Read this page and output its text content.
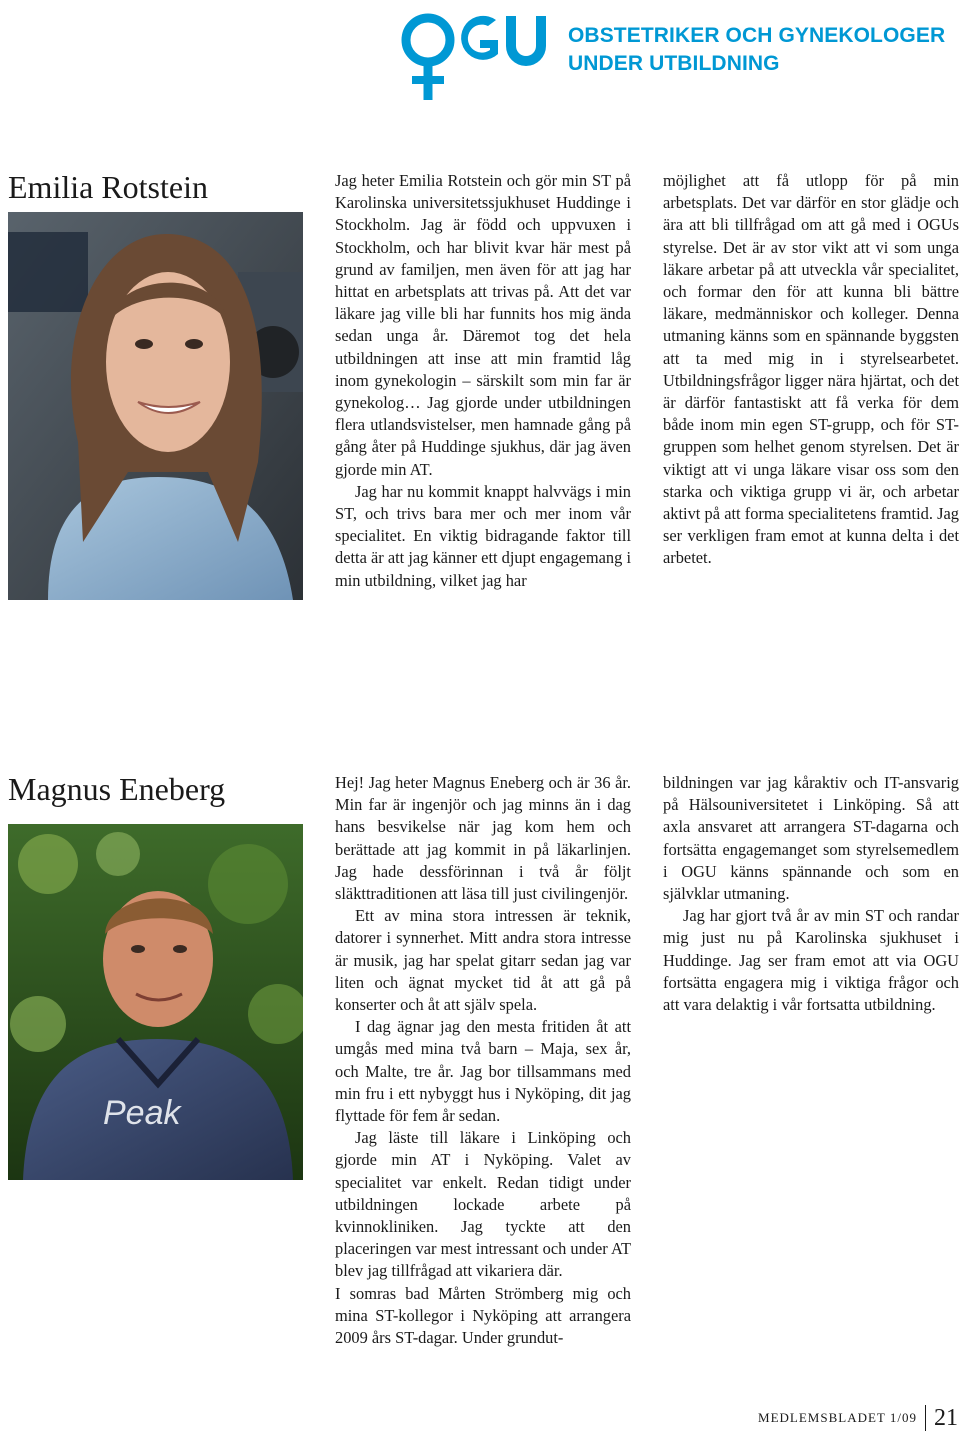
OBSTETRIKER OCH GYNEKOLOGER
UNDER UTBILDNING
Emilia Rotstein	Jag heter Emilia Rotstein och gör min ST på Karolinska universitetssjukhuset Huddinge i Stockholm. Jag är född och uppvuxen i Stockholm, och har blivit kvar här mest på grund av familjen, men även för att jag har hittat en arbetsplats att trivas på. Att det var läkare jag ville bli har funnits hos mig ända sedan unga år. Däremot tog det hela utbildningen att inse att min framtid låg inom gynekologin – särskilt som min far är gynekolog… Jag gjorde under utbildningen flera utlandsvistelser, men hamnade gång på gång åter på Huddinge sjukhus, där jag även gjorde min AT.

Jag har nu kommit knappt halvvägs i min ST, och trivs bara mer och mer inom vår specialitet. En viktig bidragande faktor till detta är att jag känner ett djupt engagemang i min utbildning, vilket jag har

möjlighet att få utlopp för på min arbetsplats. Det var därför en stor glädje och ära att bli tillfrågad om att gå med i OGUs styrelse. Det är av stor vikt att vi som unga läkare arbetar på att utveckla vår specialitet, och formar den för att kunna bli bättre läkare, medmänniskor och kolleger. Denna utmaning känns som en spännande byggsten att ta med mig in i styrelsearbetet. Utbildningsfrågor ligger nära hjärtat, och det är därför fantastiskt att få verka för dem både inom min egen ST-grupp, och för ST-gruppen som helhet genom styrelsen. Det är viktigt att vi unga läkare visar oss som den starka och viktiga grupp vi är, och arbetar aktivt på att forma specialitetens framtid. Jag ser verkligen fram emot at kunna delta i det arbetet.

Magnus Eneberg
Peak

Hej! Jag heter Magnus Eneberg och är 36 år. Min far är ingenjör och jag minns än i dag hans besvikelse när jag kom hem och berättade att jag kommit in på läkarlinjen. Jag hade dessförinnan i två år följt släkttraditionen att läsa till just civilingenjör.

Ett av mina stora intressen är teknik, datorer i synnerhet. Mitt andra stora intresse är musik, jag har spelat gitarr sedan jag var liten och ägnat mycket tid åt att gå på konserter och åt att själv spela.

I dag ägnar jag den mesta fritiden åt att umgås med mina två barn – Maja, sex år, och Malte, tre år. Jag bor tillsammans med min fru i ett nybyggt hus i Nyköping, dit jag flyttade för fem år sedan.

Jag läste till läkare i Linköping och gjorde min AT i Nyköping. Valet av specialitet var enkelt. Redan tidigt under utbildningen lockade arbete på kvinnokliniken. Jag tyckte att den placeringen var mest intressant och under AT blev jag tillfrågad att vikariera där.

I somras bad Mårten Strömberg mig och mina ST-kollegor i Nyköping att arrangera 2009 års ST-dagar. Under grundut-

bildningen var jag kåraktiv och IT-ansvarig på Hälsouniversitetet i Linköping. Så att axla ansvaret att arrangera ST-dagarna och fortsätta engagemanget som styrelsemedlem i OGU känns spännande och som en självklar utmaning.

Jag har gjort två år av min ST och randar mig just nu på Karolinska sjukhuset i Huddinge. Jag ser fram emot att via OGU fortsätta engagera mig i viktiga frågor och att vara delaktig i vår fortsatta utbildning.

MEDLEMSBLADET 1/09 21
